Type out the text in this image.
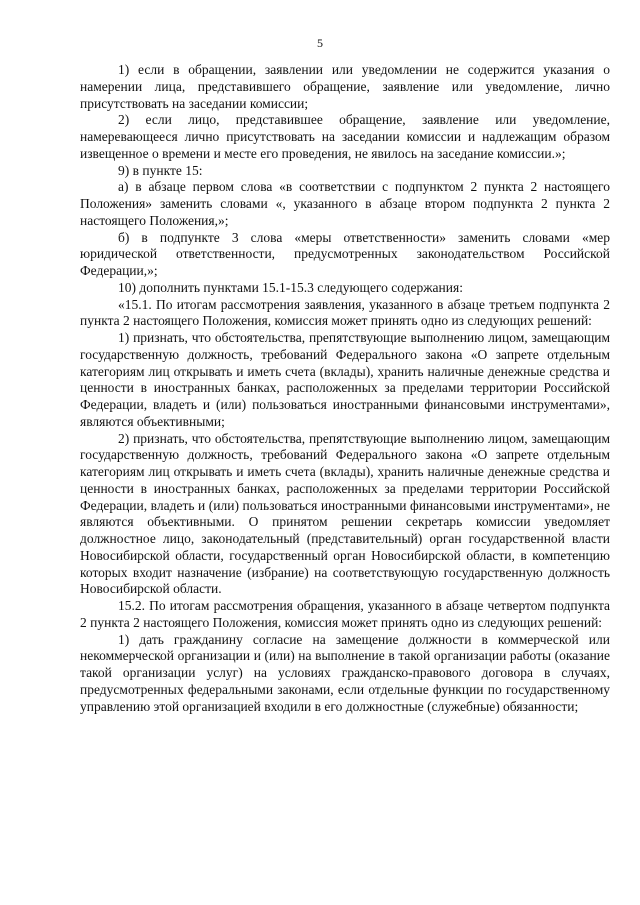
5

1) если в обращении, заявлении или уведомлении не содержится указания о намерении лица, представившего обращение, заявление или уведомление, лично присутствовать на заседании комиссии;

2) если лицо, представившее обращение, заявление или уведомление, намеревающееся лично присутствовать на заседании комиссии и надлежащим образом извещенное о времени и месте его проведения, не явилось на заседание комиссии.»;

9) в пункте 15:

а) в абзаце первом слова «в соответствии с подпунктом 2 пункта 2 настоящего Положения» заменить словами «, указанного в абзаце втором подпункта 2 пункта 2 настоящего Положения,»;

б) в подпункте 3 слова «меры ответственности» заменить словами «мер юридической ответственности, предусмотренных законодательством Российской Федерации,»;

10) дополнить пунктами 15.1-15.3 следующего содержания:

«15.1. По итогам рассмотрения заявления, указанного в абзаце третьем подпункта 2 пункта 2 настоящего Положения, комиссия может принять одно из следующих решений:

1) признать, что обстоятельства, препятствующие выполнению лицом, замещающим государственную должность, требований Федерального закона «О запрете отдельным категориям лиц открывать и иметь счета (вклады), хранить наличные денежные средства и ценности в иностранных банках, расположенных за пределами территории Российской Федерации, владеть и (или) пользоваться иностранными финансовыми инструментами», являются объективными;

2) признать, что обстоятельства, препятствующие выполнению лицом, замещающим государственную должность, требований Федерального закона «О запрете отдельным категориям лиц открывать и иметь счета (вклады), хранить наличные денежные средства и ценности в иностранных банках, расположенных за пределами территории Российской Федерации, владеть и (или) пользоваться иностранными финансовыми инструментами», не являются объективными. О принятом решении секретарь комиссии уведомляет должностное лицо, законодательный (представительный) орган государственной власти Новосибирской области, государственный орган Новосибирской области, в компетенцию которых входит назначение (избрание) на соответствующую государственную должность Новосибирской области.

15.2. По итогам рассмотрения обращения, указанного в абзаце четвертом подпункта 2 пункта 2 настоящего Положения, комиссия может принять одно из следующих решений:

1) дать гражданину согласие на замещение должности в коммерческой или некоммерческой организации и (или) на выполнение в такой организации работы (оказание такой организации услуг) на условиях гражданско-правового договора в случаях, предусмотренных федеральными законами, если отдельные функции по государственному управлению этой организацией входили в его должностные (служебные) обязанности;
